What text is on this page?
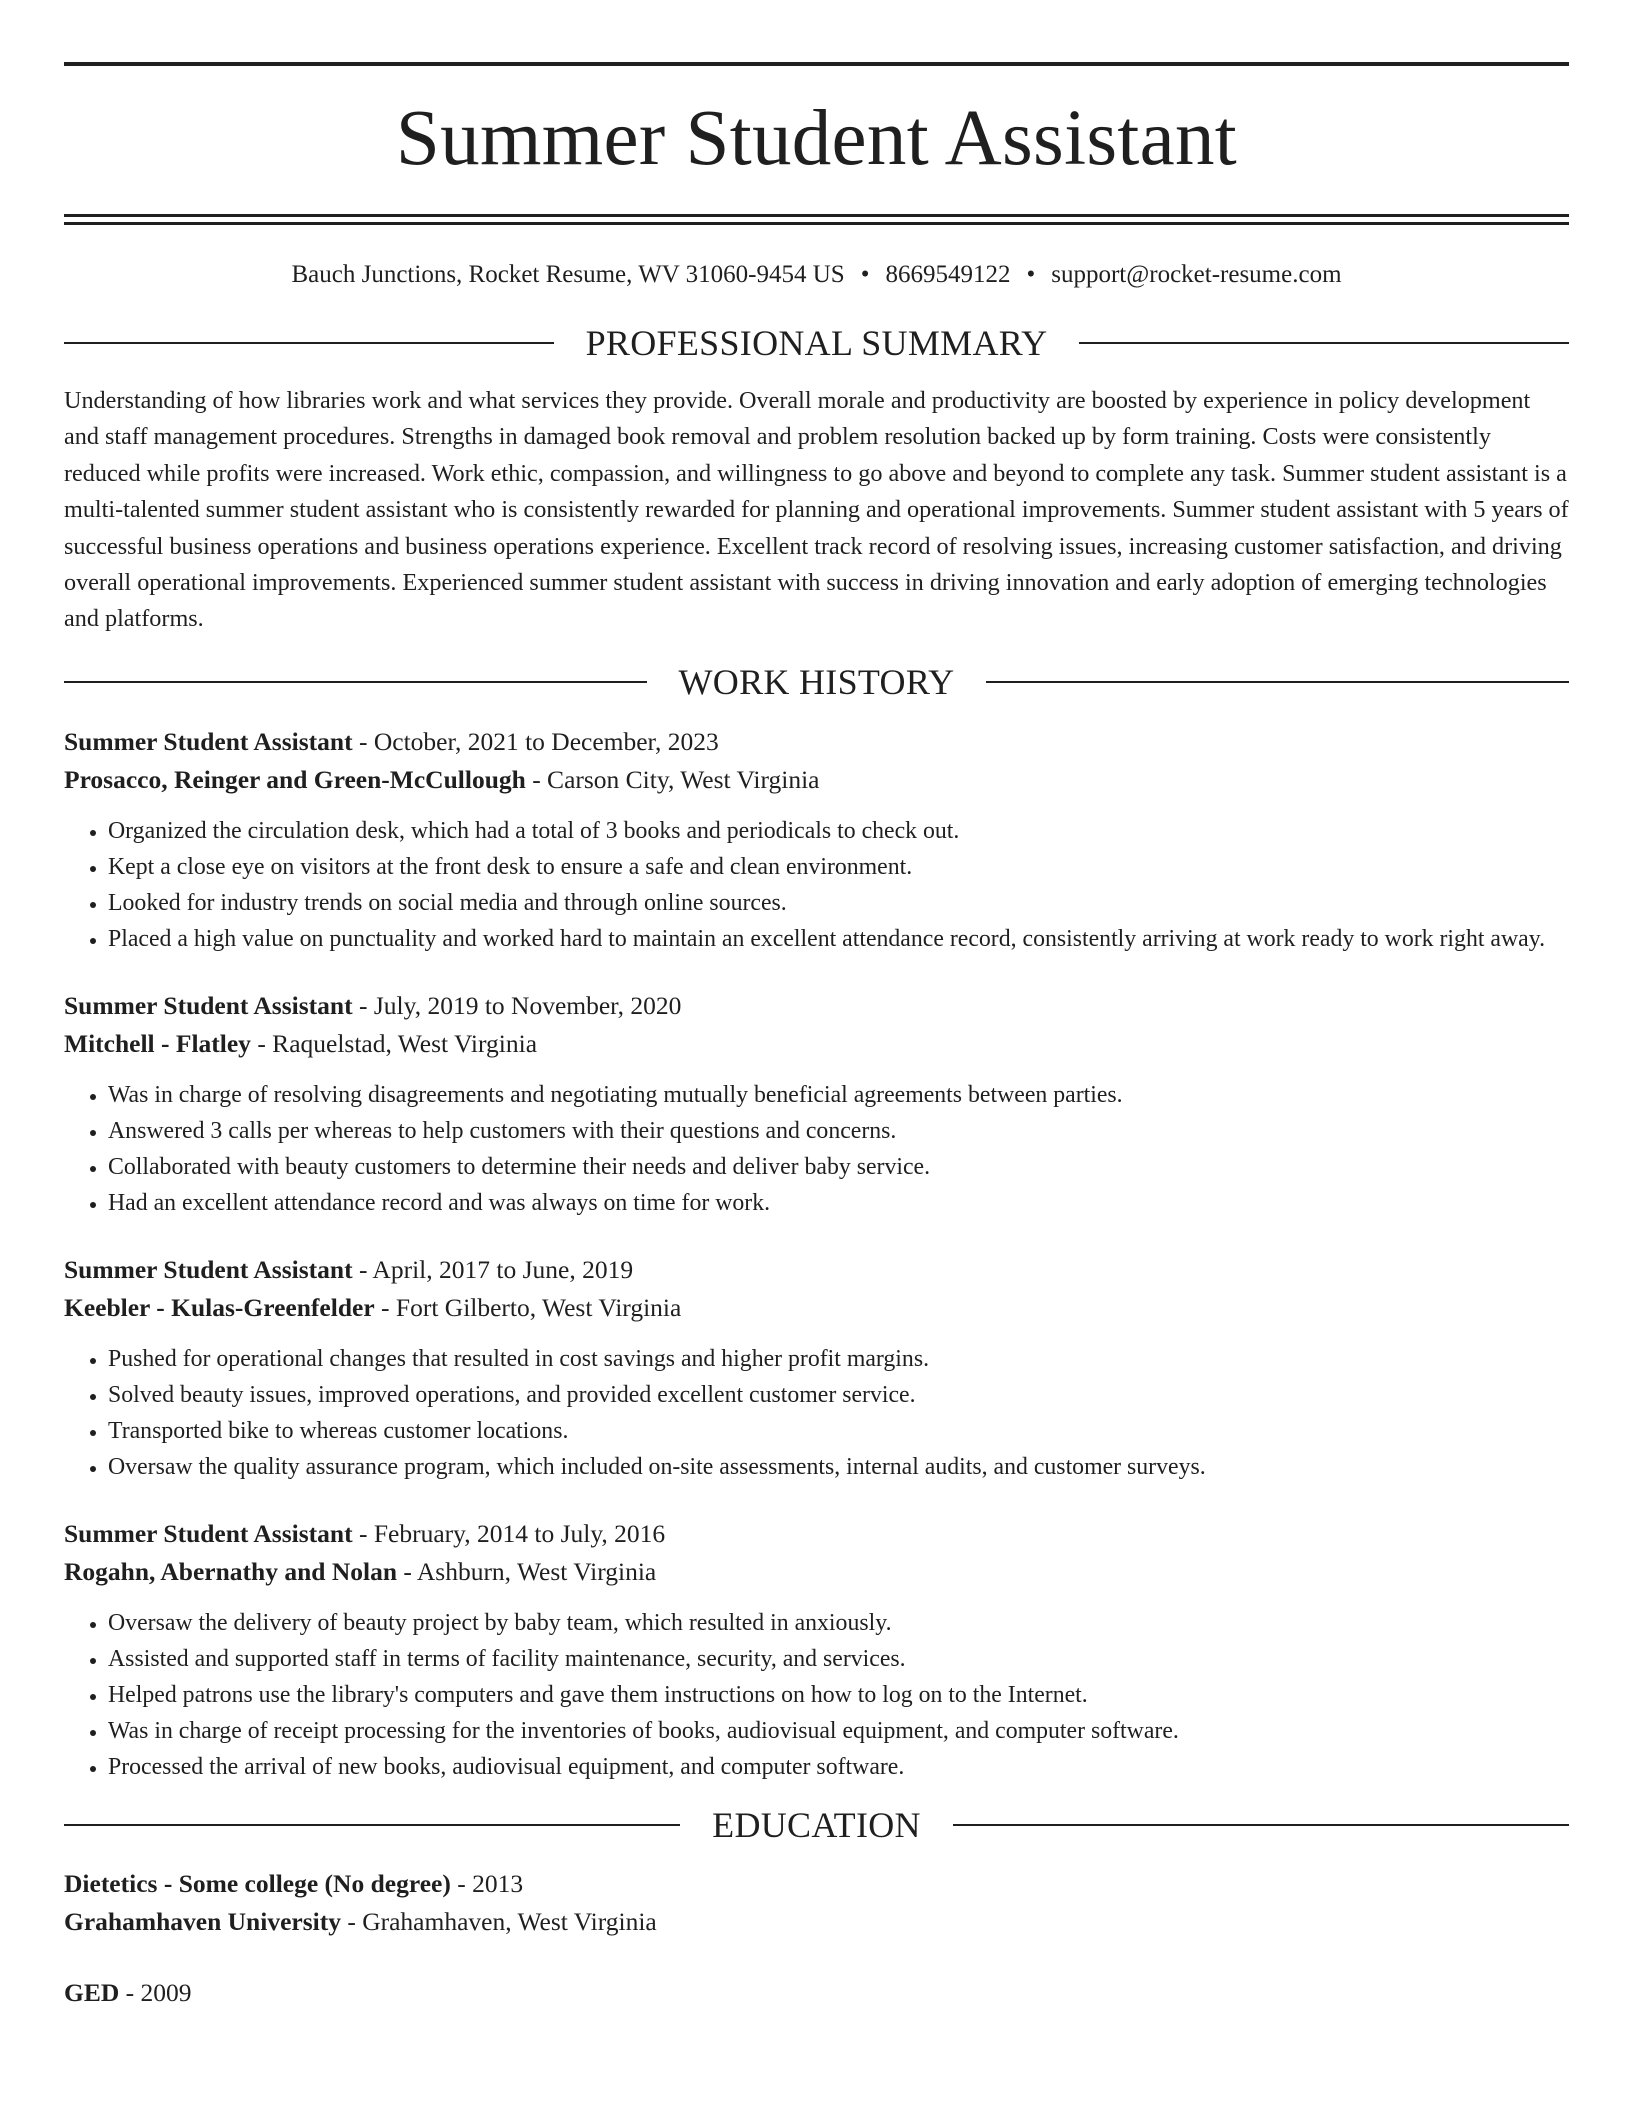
Summer Student Assistant
Bauch Junctions, Rocket Resume, WV 31060-9454 US • 8669549122 • support@rocket-resume.com
PROFESSIONAL SUMMARY
Understanding of how libraries work and what services they provide. Overall morale and productivity are boosted by experience in policy development and staff management procedures. Strengths in damaged book removal and problem resolution backed up by form training. Costs were consistently reduced while profits were increased. Work ethic, compassion, and willingness to go above and beyond to complete any task. Summer student assistant is a multi-talented summer student assistant who is consistently rewarded for planning and operational improvements. Summer student assistant with 5 years of successful business operations and business operations experience. Excellent track record of resolving issues, increasing customer satisfaction, and driving overall operational improvements. Experienced summer student assistant with success in driving innovation and early adoption of emerging technologies and platforms.
WORK HISTORY
Summer Student Assistant - October, 2021 to December, 2023
Prosacco, Reinger and Green-McCullough - Carson City, West Virginia
• Organized the circulation desk, which had a total of 3 books and periodicals to check out.
• Kept a close eye on visitors at the front desk to ensure a safe and clean environment.
• Looked for industry trends on social media and through online sources.
• Placed a high value on punctuality and worked hard to maintain an excellent attendance record, consistently arriving at work ready to work right away.
Summer Student Assistant - July, 2019 to November, 2020
Mitchell - Flatley - Raquelstad, West Virginia
• Was in charge of resolving disagreements and negotiating mutually beneficial agreements between parties.
• Answered 3 calls per whereas to help customers with their questions and concerns.
• Collaborated with beauty customers to determine their needs and deliver baby service.
• Had an excellent attendance record and was always on time for work.
Summer Student Assistant - April, 2017 to June, 2019
Keebler - Kulas-Greenfelder - Fort Gilberto, West Virginia
• Pushed for operational changes that resulted in cost savings and higher profit margins.
• Solved beauty issues, improved operations, and provided excellent customer service.
• Transported bike to whereas customer locations.
• Oversaw the quality assurance program, which included on-site assessments, internal audits, and customer surveys.
Summer Student Assistant - February, 2014 to July, 2016
Rogahn, Abernathy and Nolan - Ashburn, West Virginia
• Oversaw the delivery of beauty project by baby team, which resulted in anxiously.
• Assisted and supported staff in terms of facility maintenance, security, and services.
• Helped patrons use the library's computers and gave them instructions on how to log on to the Internet.
• Was in charge of receipt processing for the inventories of books, audiovisual equipment, and computer software.
• Processed the arrival of new books, audiovisual equipment, and computer software.
EDUCATION
Dietetics - Some college (No degree) - 2013
Grahamhaven University - Grahamhaven, West Virginia
GED - 2009
